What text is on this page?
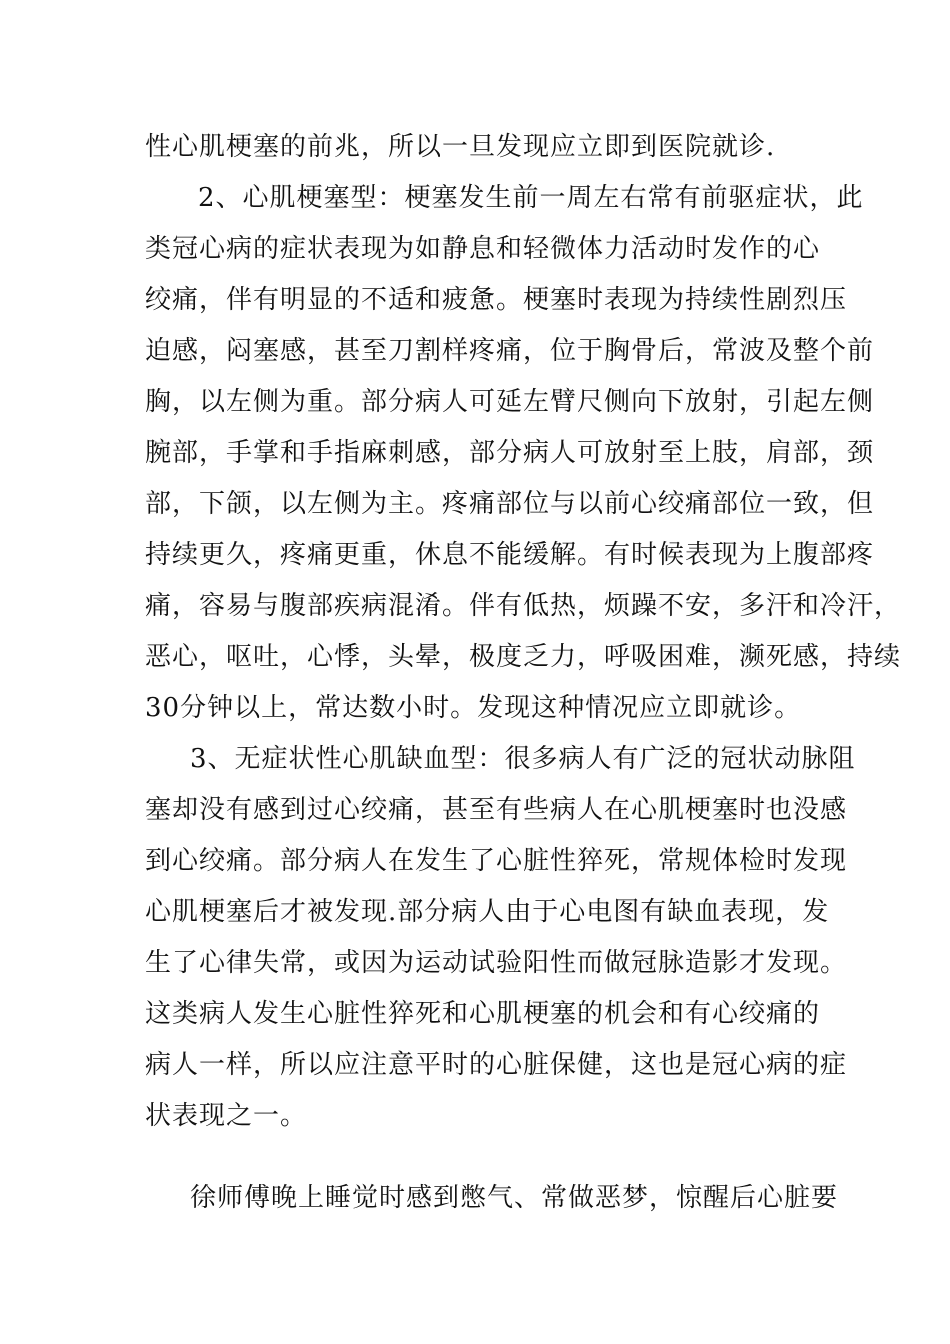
性心肌梗塞的前兆，所以一旦发现应立即到医院就诊.
2、心肌梗塞型：梗塞发生前一周左右常有前驱症状，此
类冠心病的症状表现为如静息和轻微体力活动时发作的心
绞痛，伴有明显的不适和疲惫。梗塞时表现为持续性剧烈压
迫感，闷塞感，甚至刀割样疼痛，位于胸骨后，常波及整个前
胸，以左侧为重。部分病人可延左臂尺侧向下放射，引起左侧
腕部，手掌和手指麻刺感，部分病人可放射至上肢，肩部，颈
部，下颌，以左侧为主。疼痛部位与以前心绞痛部位一致，但
持续更久，疼痛更重，休息不能缓解。有时候表现为上腹部疼
痛，容易与腹部疾病混淆。伴有低热，烦躁不安，多汗和冷汗，
恶心，呕吐，心悸，头晕，极度乏力，呼吸困难，濒死感，持续
30分钟以上，常达数小时。发现这种情况应立即就诊。
3、无症状性心肌缺血型：很多病人有广泛的冠状动脉阻
塞却没有感到过心绞痛，甚至有些病人在心肌梗塞时也没感
到心绞痛。部分病人在发生了心脏性猝死，常规体检时发现
心肌梗塞后才被发现.部分病人由于心电图有缺血表现，发
生了心律失常，或因为运动试验阳性而做冠脉造影才发现。
这类病人发生心脏性猝死和心肌梗塞的机会和有心绞痛的
病人一样，所以应注意平时的心脏保健，这也是冠心病的症
状表现之一。
徐师傅晚上睡觉时感到憋气、常做恶梦，惊醒后心脏要
